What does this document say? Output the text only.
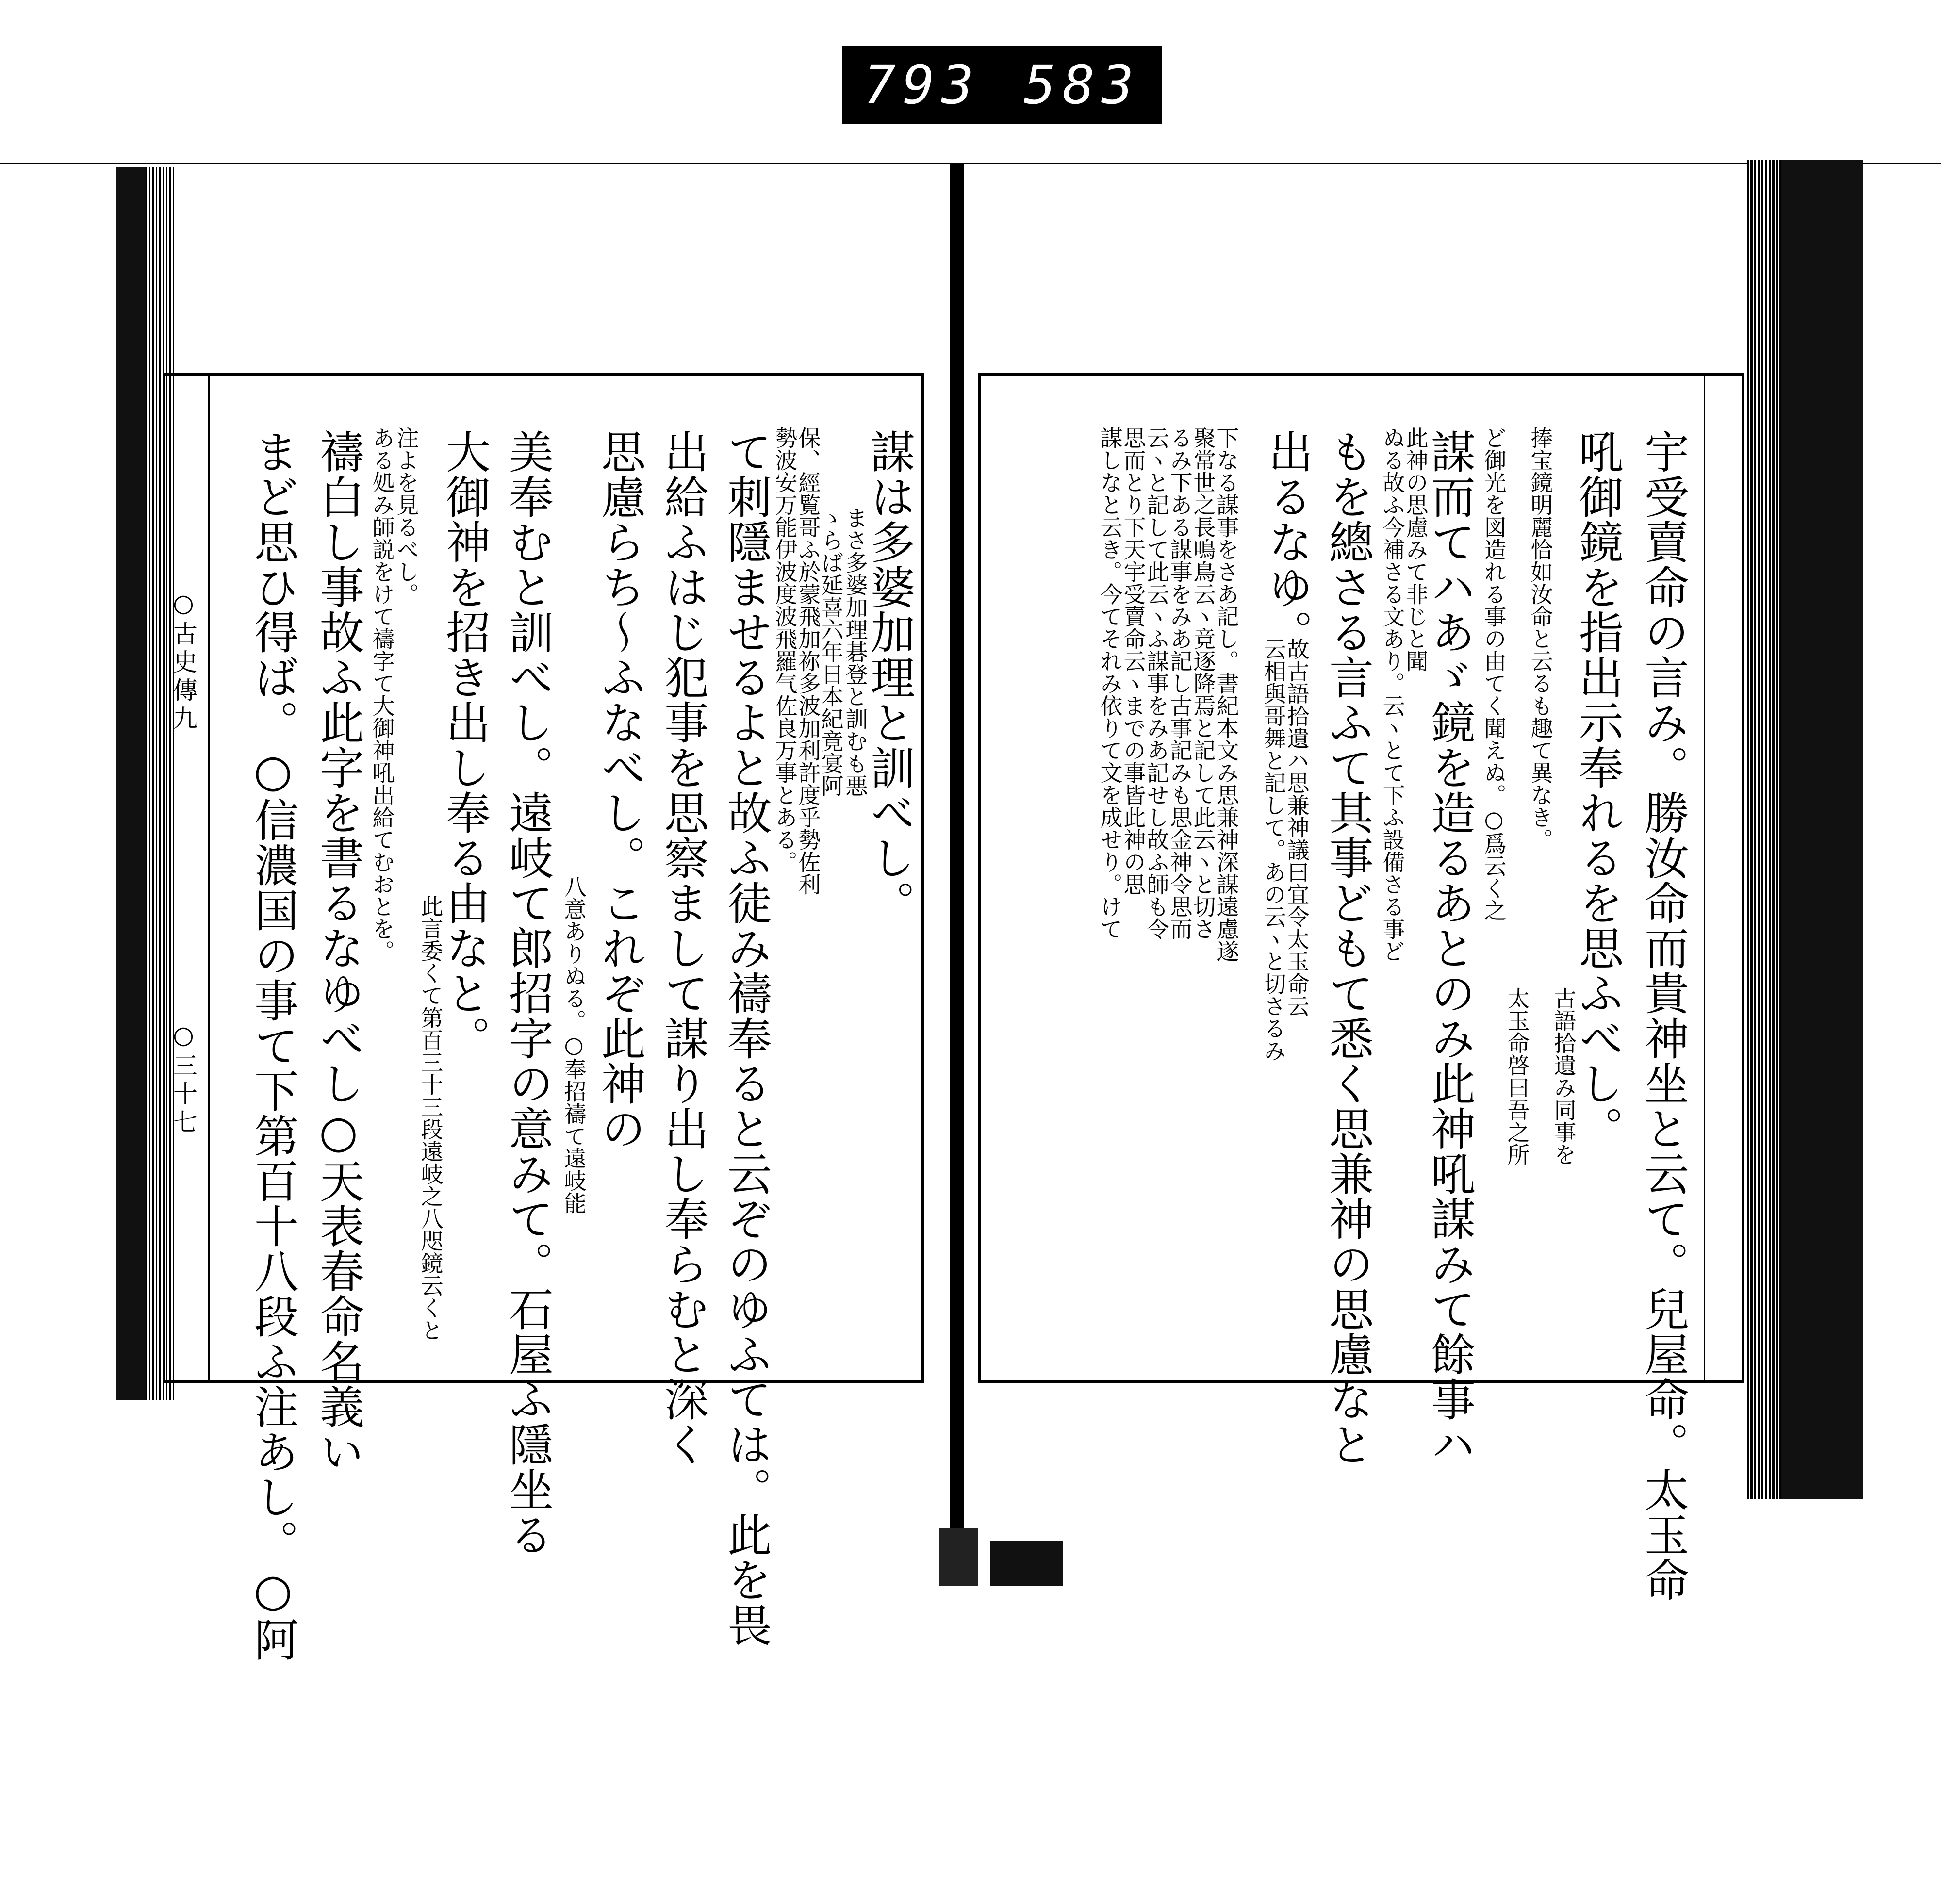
793 583
○古史傳九
○三十七
謀は多婆加理と訓べし。
まさ多婆加理碁登と訓むも悪
ゝらば延喜六年日本紀竟宴阿
保、經覧哥ふ於蒙飛加祢多波加利許度乎勢佐利
勢波安万能伊波度波飛羅气佐良万事とある。
て刺隱ませるよと故ふ徒み禱奉ると云ぞのゆふては。此を畏
出給ふはじ犯事を思察まして謀り出し奉らむと深く
思慮らち～ふなべし。これぞ此神の
八意ありぬる。○奉招禱て遠岐能
美奉むと訓べし。遠岐て郎招字の意みて。石屋ふ隱坐る
大御神を招き出し奉る由なと。
此言委くて第百三十三段遠岐之八咫鏡云くと
注よを見るべし。
ある処み師説をけて禱字て大御神吼出給てむおとを。
禱白し事故ふ此字を書るなゆべし○天表春命名義い
まど思ひ得ば。○信濃国の事て下第百十八段ふ注あし。○阿	宇受賣命の言み。勝汝命而貴神坐と云て。兒屋命。太玉命
吼御鏡を指出示奉れるを思ふべし。
古語拾遺み同事を
捧宝鏡明麗恰如汝命と云るも趣て異なき。
太玉命啓曰吾之所
ど御光を図造れる事の由てく聞えぬ。○爲云く之
謀而てハあゞ鏡を造るあとのみ此神吼謀みて餘事ハ
此神の思慮みて非じと聞
ぬる故ふ今補さる文あり。云ヽとて下ふ設備さる事ど
もを總さる言ふて其事どもて悉く思兼神の思慮なと
出るなゆ。
故古語拾遺ハ思兼神議曰宜令太玉命云
云相與哥舞と記して。あの云ヽと切さるみ
下なる謀事をさあ記し。書紀本文み思兼神深謀遠慮遂
聚常世之長鳴鳥云ヽ竟逐降焉と記して此云ヽと切さ
るみ下ある謀事をみあ記し古事記みも思金神令思而
云ヽと記して此云ヽふ謀事をみあ記せし故ふ師も令
思而とり下天宇受賣命云ヽまでの事皆此神の思
謀しなと云き。今てそれみ依りて文を成せり。けて
